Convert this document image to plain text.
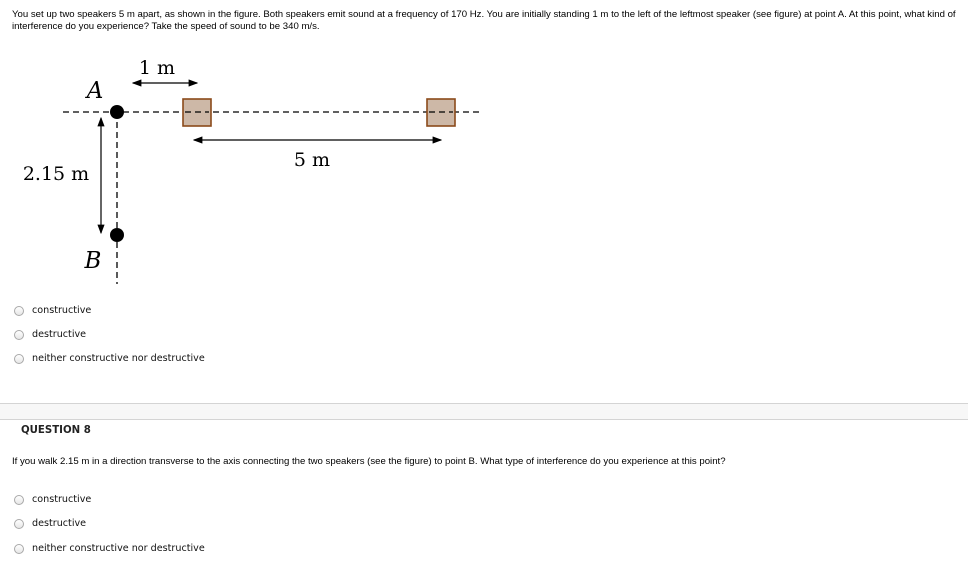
You set up two speakers 5 m apart, as shown in the figure. Both speakers emit sound at a frequency of 170 Hz. You are initially standing 1 m to the left of the leftmost speaker (see figure) at point A. At this point, what kind of interference do you experience? Take the speed of sound to be 340 m/s.
1 m
5 m
2.15 m
A
B
constructive
destructive
neither constructive nor destructive
QUESTION 8
If you walk 2.15 m in a direction transverse to the axis connecting the two speakers (see the figure) to point B. What type of interference do you experience at this point?
constructive
destructive
neither constructive nor destructive
